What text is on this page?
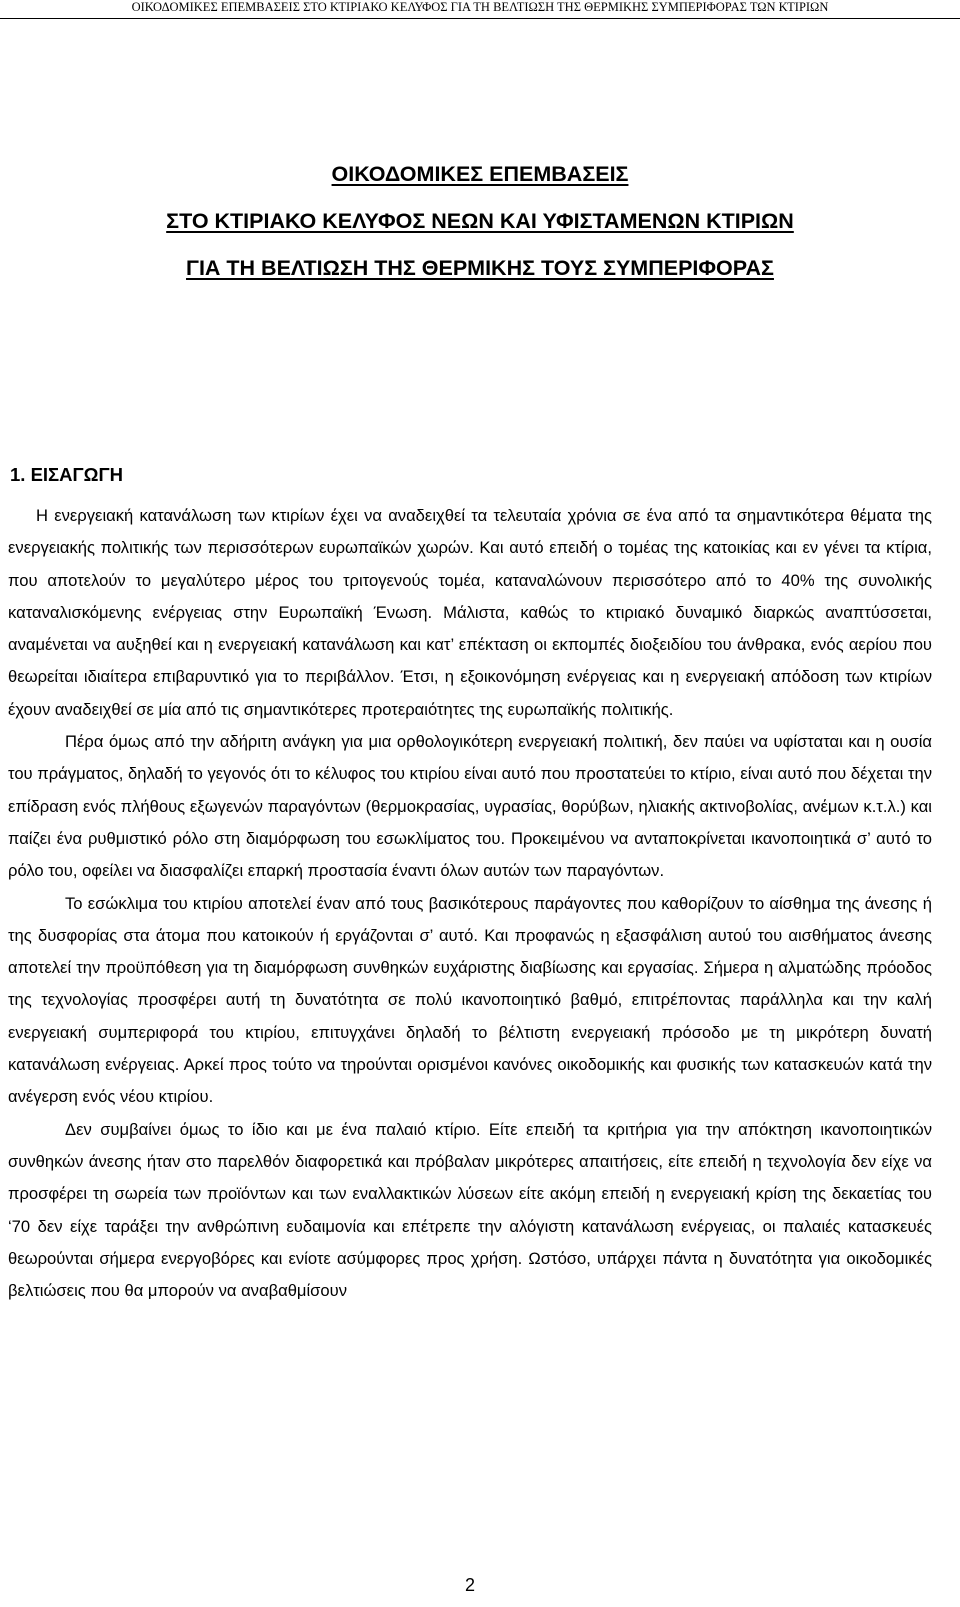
ΟΙΚΟΔΟΜΙΚΕΣ ΕΠΕΜΒΑΣΕΙΣ ΣΤΟ ΚΤΙΡΙΑΚΟ ΚΕΛΥΦΟΣ ΓΙΑ ΤΗ ΒΕΛΤΙΩΣΗ ΤΗΣ ΘΕΡΜΙΚΗΣ ΣΥΜΠΕΡΙΦΟΡΑΣ ΤΩΝ ΚΤΙΡΙΩΝ
ΟΙΚΟΔΟΜΙΚΕΣ ΕΠΕΜΒΑΣΕΙΣ
ΣΤΟ ΚΤΙΡΙΑΚΟ ΚΕΛΥΦΟΣ ΝΕΩΝ ΚΑΙ ΥΦΙΣΤΑΜΕΝΩΝ ΚΤΙΡΙΩΝ
ΓΙΑ ΤΗ ΒΕΛΤΙΩΣΗ ΤΗΣ ΘΕΡΜΙΚΗΣ ΤΟΥΣ ΣΥΜΠΕΡΙΦΟΡΑΣ
1. ΕΙΣΑΓΩΓΗ

Η ενεργειακή κατανάλωση των κτιρίων έχει να αναδειχθεί τα τελευταία χρόνια σε ένα από τα σημαντικότερα θέματα της ενεργειακής πολιτικής των περισσότερων ευρωπαϊκών χωρών. Και αυτό επειδή ο τομέας της κατοικίας και εν γένει τα κτίρια, που αποτελούν το μεγαλύτερο μέρος του τριτογενούς τομέα, καταναλώνουν περισσότερο από το 40% της συνολικής καταναλισκόμενης ενέργειας στην Ευρωπαϊκή Ένωση. Μάλιστα, καθώς το κτιριακό δυναμικό διαρκώς αναπτύσσεται, αναμένεται να αυξηθεί και η ενεργειακή κατανάλωση και κατ’ επέκταση οι εκπομπές διοξειδίου του άνθρακα, ενός αερίου που θεωρείται ιδιαίτερα επιβαρυντικό για το περιβάλλον. Έτσι, η εξοικονόμηση ενέργειας και η ενεργειακή απόδοση των κτιρίων έχουν αναδειχθεί σε μία από τις σημαντικότερες προτεραιότητες της ευρωπαϊκής πολιτικής.

Πέρα όμως από την αδήριτη ανάγκη για μια ορθολογικότερη ενεργειακή πολιτική, δεν παύει να υφίσταται και η ουσία του πράγματος, δηλαδή το γεγονός ότι το κέλυφος του κτιρίου είναι αυτό που προστατεύει το κτίριο, είναι αυτό που δέχεται την επίδραση ενός πλήθους εξωγενών παραγόντων (θερμοκρασίας, υγρασίας, θορύβων, ηλιακής ακτινοβολίας, ανέμων κ.τ.λ.) και παίζει ένα ρυθμιστικό ρόλο στη διαμόρφωση του εσωκλίματος του. Προκειμένου να ανταποκρίνεται ικανοποιητικά σ’ αυτό το ρόλο του, οφείλει να διασφαλίζει επαρκή προστασία έναντι όλων αυτών των παραγόντων.

Το εσώκλιμα του κτιρίου αποτελεί έναν από τους βασικότερους παράγοντες που καθορίζουν το αίσθημα της άνεσης ή της δυσφορίας στα άτομα που κατοικούν ή εργάζονται σ’ αυτό. Και προφανώς η εξασφάλιση αυτού του αισθήματος άνεσης αποτελεί την προϋπόθεση για τη διαμόρφωση συνθηκών ευχάριστης διαβίωσης και εργασίας. Σήμερα η αλματώδης πρόοδος της τεχνολογίας προσφέρει αυτή τη δυνατότητα σε πολύ ικανοποιητικό βαθμό, επιτρέποντας παράλληλα και την καλή ενεργειακή συμπεριφορά του κτιρίου, επιτυγχάνει δηλαδή το βέλτιστη ενεργειακή πρόσοδο με τη μικρότερη δυνατή κατανάλωση ενέργειας. Αρκεί προς τούτο να τηρούνται ορισμένοι κανόνες οικοδομικής και φυσικής των κατασκευών κατά την ανέγερση ενός νέου κτιρίου.

Δεν συμβαίνει όμως το ίδιο και με ένα παλαιό κτίριο. Είτε επειδή τα κριτήρια για την απόκτηση ικανοποιητικών συνθηκών άνεσης ήταν στο παρελθόν διαφορετικά και πρόβαλαν μικρότερες απαιτήσεις, είτε επειδή η τεχνολογία δεν είχε να προσφέρει τη σωρεία των προϊόντων και των εναλλακτικών λύσεων είτε ακόμη επειδή η ενεργειακή κρίση της δεκαετίας του ‘70 δεν είχε ταράξει την ανθρώπινη ευδαιμονία και επέτρεπε την αλόγιστη κατανάλωση ενέργειας, οι παλαιές κατασκευές θεωρούνται σήμερα ενεργοβόρες και ενίοτε ασύμφορες προς χρήση. Ωστόσο, υπάρχει πάντα η δυνατότητα για οικοδομικές βελτιώσεις που θα μπορούν να αναβαθμίσουν

2
